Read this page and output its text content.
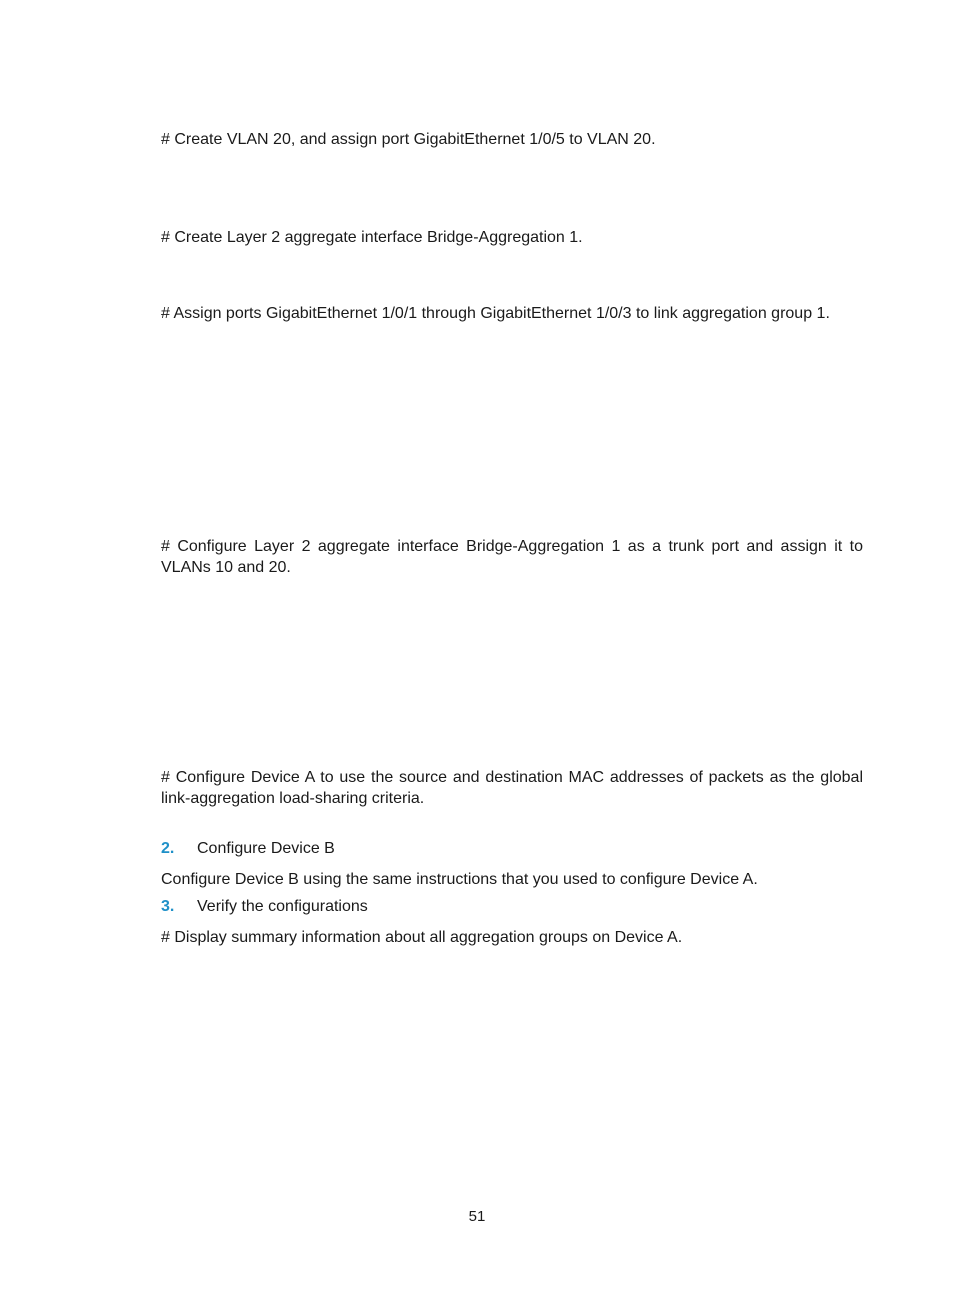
# Create VLAN 20, and assign port GigabitEthernet 1/0/5 to VLAN 20.

# Create Layer 2 aggregate interface Bridge-Aggregation 1.

# Assign ports GigabitEthernet 1/0/1 through GigabitEthernet 1/0/3 to link aggregation group 1.

# Configure Layer 2 aggregate interface Bridge-Aggregation 1 as a trunk port and assign it to VLANs 10 and 20.

# Configure Device A to use the source and destination MAC addresses of packets as the global link-aggregation load-sharing criteria.

2.	Configure Device B

Configure Device B using the same instructions that you used to configure Device A.

3.	Verify the configurations

# Display summary information about all aggregation groups on Device A.

51
